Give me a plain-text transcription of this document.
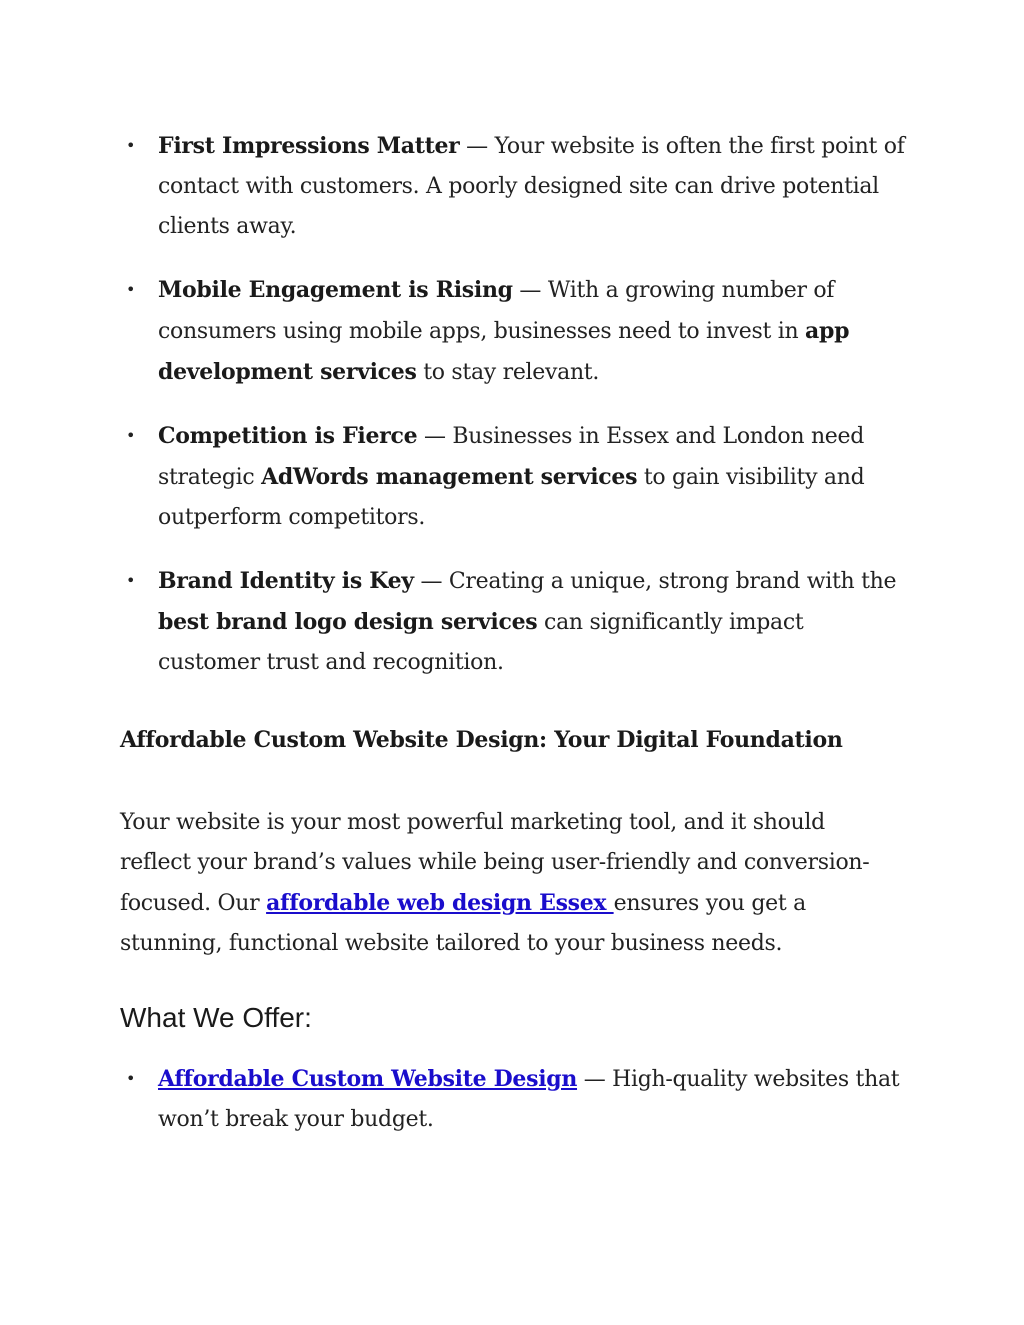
• First Impressions Matter — Your website is often the first point of contact with customers. A poorly designed site can drive potential clients away.
• Mobile Engagement is Rising — With a growing number of consumers using mobile apps, businesses need to invest in app development services to stay relevant.
• Competition is Fierce — Businesses in Essex and London need strategic AdWords management services to gain visibility and outperform competitors.
• Brand Identity is Key — Creating a unique, strong brand with the best brand logo design services can significantly impact customer trust and recognition.
Affordable Custom Website Design: Your Digital Foundation

Your website is your most powerful marketing tool, and it should reflect your brand’s values while being user-friendly and conversion-focused. Our affordable web design Essex ensures you get a stunning, functional website tailored to your business needs.

What We Offer:
• Affordable Custom Website Design — High-quality websites that won’t break your budget.
